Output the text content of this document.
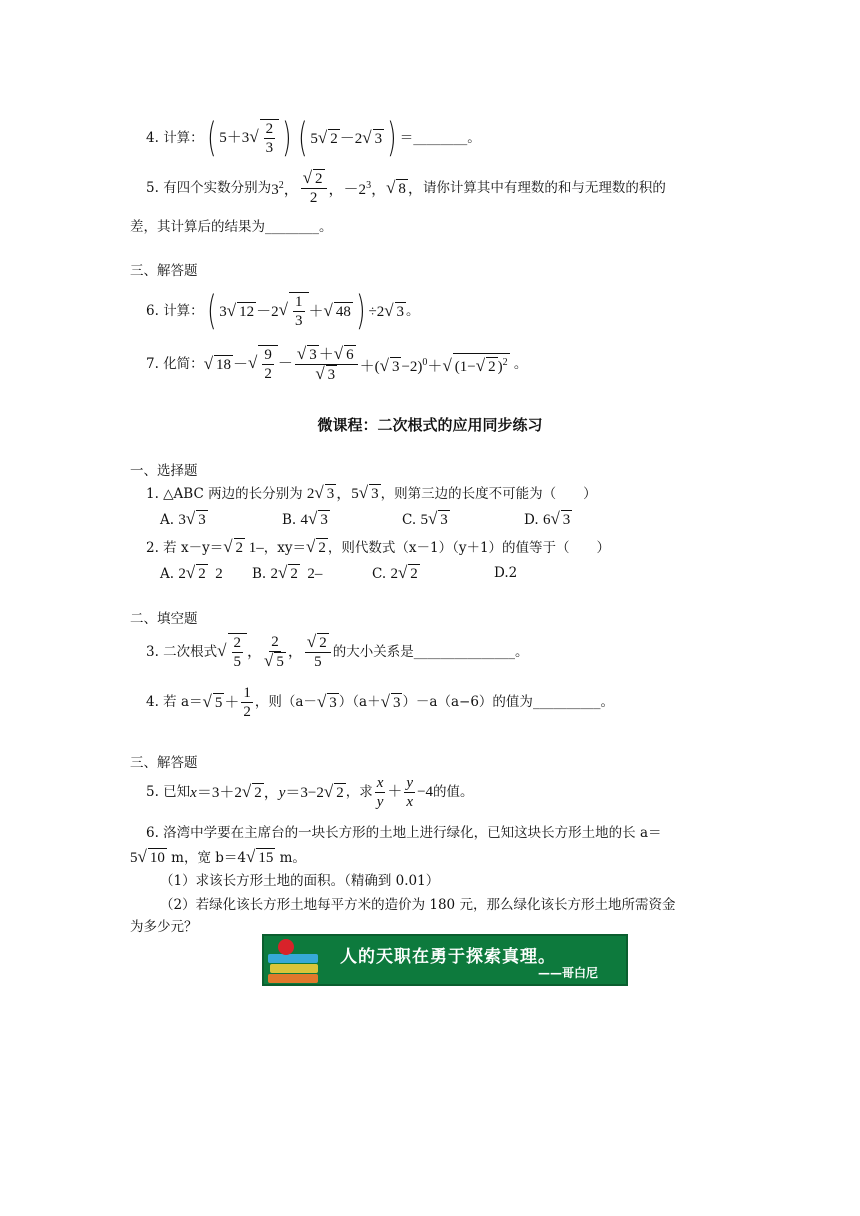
4.
计算： ( 5＋3 √ $\frac{2}{3}$ ) ( 5√ 2 －2√ 3 ) ＝ ________ 。
5.
有四个实数分别为 $3^2$，
√ 2
2 ，$-2^3$， √ 8 ， 请你计算其中有理数的和与无理数的积的
差，其计算后的结果为________。
三、解答题
6.
计算： ( 3√ 12 －2 √ $\frac{1}{3}$ ＋√ 48 ) ÷2√ 3 。
7.
化简： √ 18 － √ $\frac{9}{2}$ －
√ 3 ＋√ 6
√ 3 ＋(√ 3 −2)$^0$＋√ (1−√ 2 )$^2$
。
微课程：二次根式的应用同步练习
一、选择题
1. △ABC 两边的长分别为 2√ 3 ，5√ 3 ，则第三边的长度不可能为（　　）
A. 3√ 3	B. 4√ 3	C. 5√ 3	D. 6√ 3
2. 若 x－y＝√ 2 1–，xy＝√ 2 ，则代数式（x－1）（y＋1）的值等于（　　）
A. 2√ 2  2 B. 2√ 2  2–	C. 2√ 2	D.2
二、填空题
3. 二次根式 √ $\frac{2}{5}$ ，
2
√ 5
，
√ 2
5
的大小关系是 _______________ 。
4. 若 a＝ √ 5 ＋
1
2
，则（a－ √ 3 ）（a＋ √ 3 ）－a（a−6）的值为 __________ 。
三、解答题
5. 已知 x＝3＋2√ 2 ，y＝3−2√ 2 ，求
x
y
＋
y
x
−4 的值。
6. 洛湾中学要在主席台的一块长方形的土地上进行绿化，已知这块长方形土地的长 a＝
5√ 10 m，宽 b＝4√ 15 m。
（1）求该长方形土地的面积。（精确到 0.01）
（2）若绿化该长方形土地每平方米的造价为 180 元，那么绿化该长方形土地所需资金
为多少元？
人的天职在勇于探索真理。
——哥白尼
